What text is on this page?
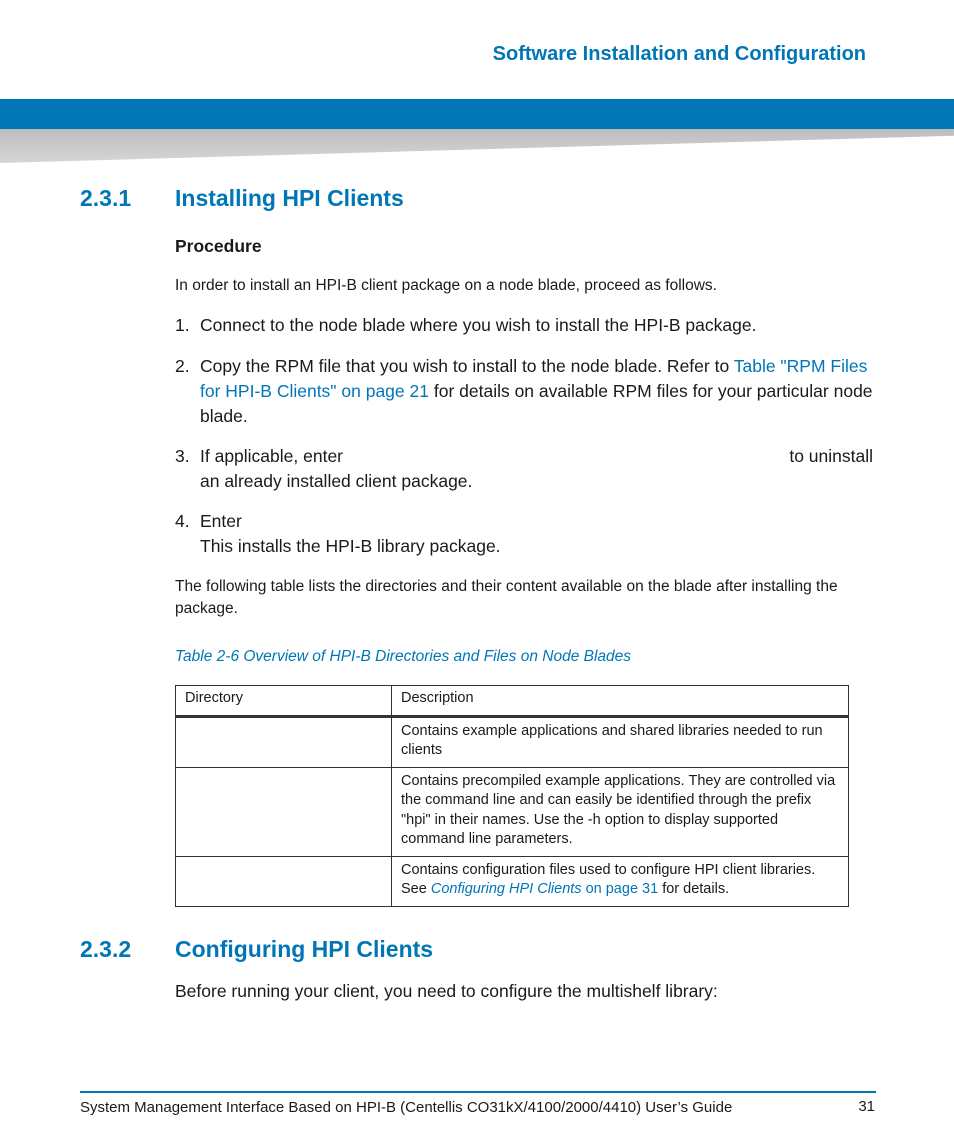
Software Installation and Configuration
2.3.1 Installing HPI Clients
Procedure
In order to install an HPI-B client package on a node blade, proceed as follows.
1. Connect to the node blade where you wish to install the HPI-B package.
2. Copy the RPM file that you wish to install to the node blade. Refer to Table "RPM Files for HPI-B Clients" on page 21 for details on available RPM files for your particular node blade.
3. If applicable, enter	to uninstall
an already installed client package.
4. Enter
This installs the HPI-B library package.
The following table lists the directories and their content available on the blade after installing the package.
Table 2-6 Overview of HPI-B Directories and Files on Node Blades
Directory	Description
	Contains example applications and shared libraries needed to run clients
	Contains precompiled example applications. They are controlled via the command line and can easily be identified through the prefix "hpi" in their names. Use the -h option to display supported command line parameters.
	Contains configuration files used to configure HPI client libraries. See Configuring HPI Clients on page 31 for details.
2.3.2 Configuring HPI Clients
Before running your client, you need to configure the multishelf library:
System Management Interface Based on HPI-B (Centellis CO31kX/4100/2000/4410) User’s Guide	31
